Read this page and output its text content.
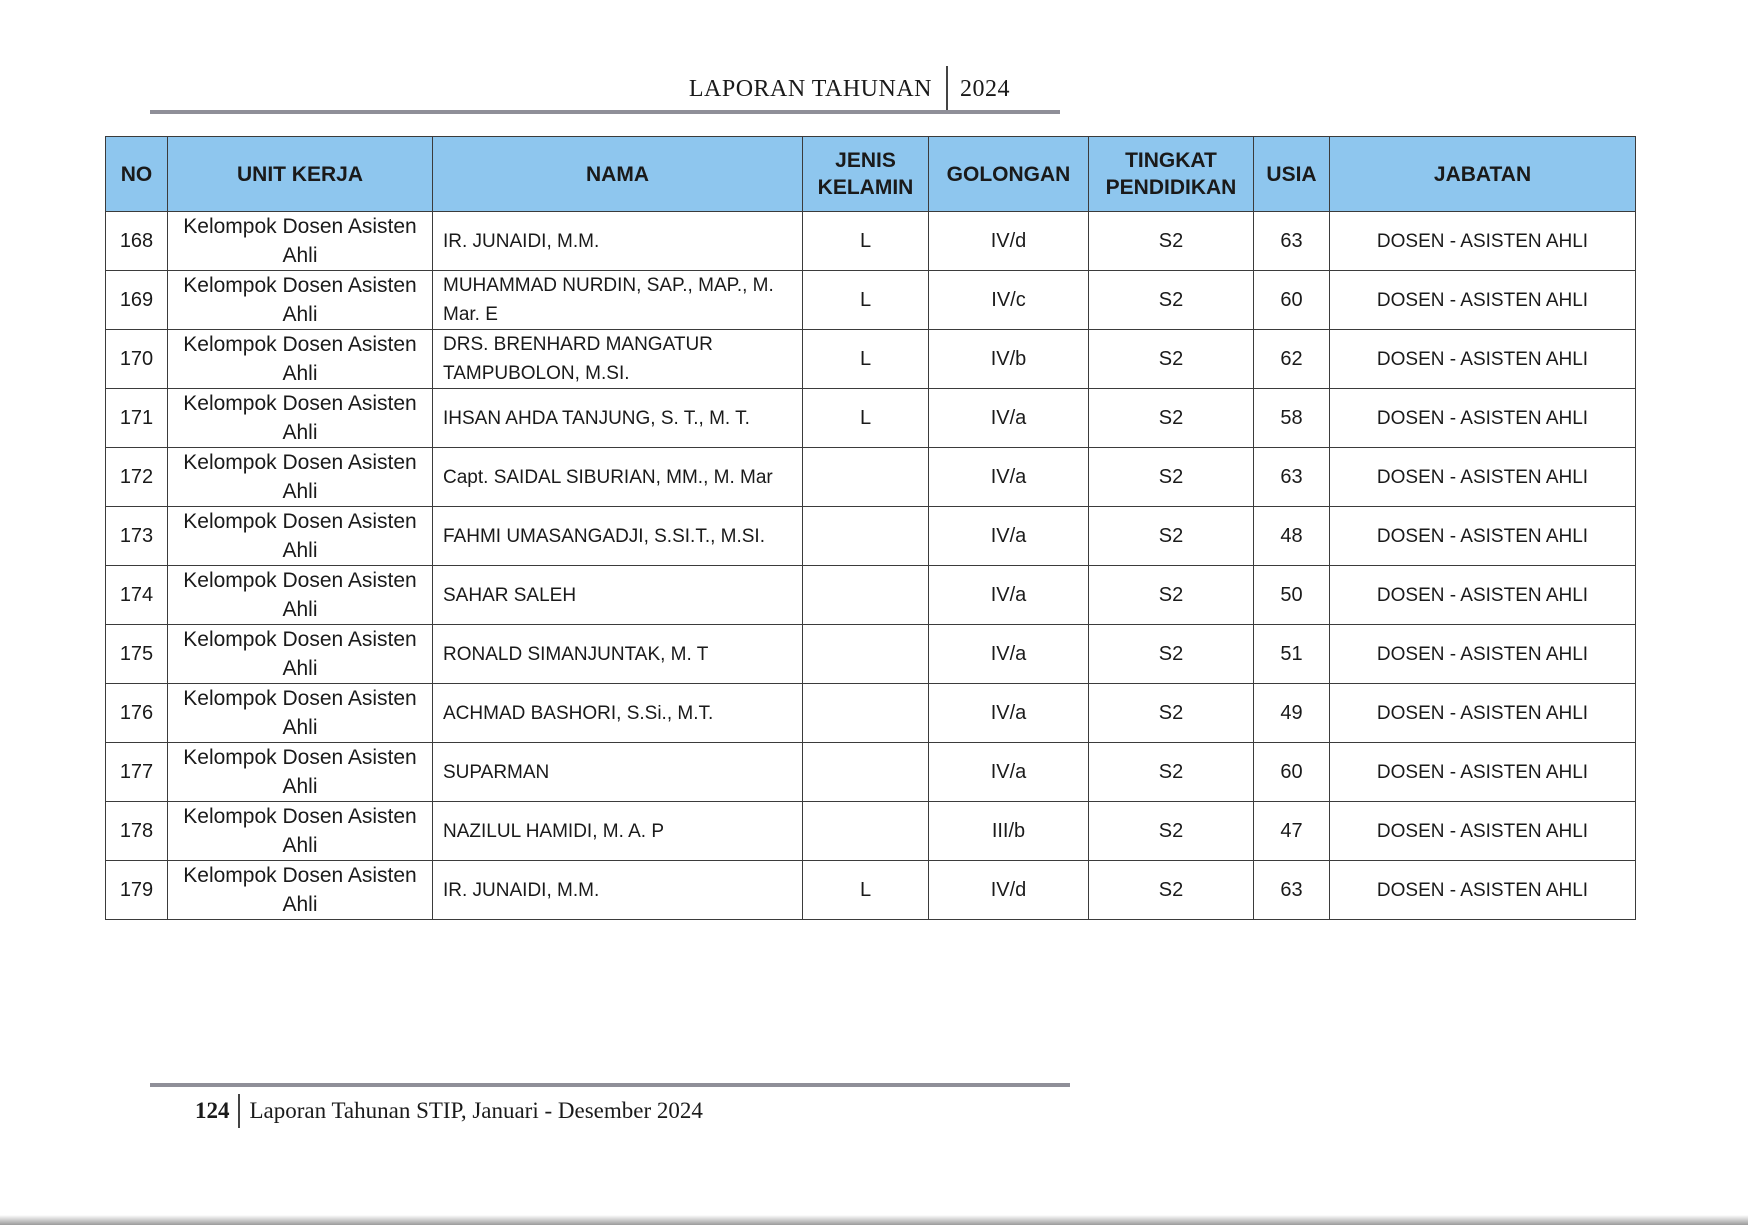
LAPORAN TAHUNAN	2024
NO	UNIT KERJA	NAMA	JENIS KELAMIN	GOLONGAN	TINGKAT PENDIDIKAN	USIA	JABATAN
168	Kelompok Dosen Asisten Ahli	IR. JUNAIDI, M.M.	L	IV/d	S2	63	DOSEN - ASISTEN AHLI
169	Kelompok Dosen Asisten Ahli	MUHAMMAD NURDIN, SAP., MAP., M. Mar. E	L	IV/c	S2	60	DOSEN - ASISTEN AHLI
170	Kelompok Dosen Asisten Ahli	DRS. BRENHARD MANGATUR TAMPUBOLON, M.SI.	L	IV/b	S2	62	DOSEN - ASISTEN AHLI
171	Kelompok Dosen Asisten Ahli	IHSAN AHDA TANJUNG, S. T., M. T.	L	IV/a	S2	58	DOSEN - ASISTEN AHLI
172	Kelompok Dosen Asisten Ahli	Capt. SAIDAL SIBURIAN, MM., M. Mar		IV/a	S2	63	DOSEN - ASISTEN AHLI
173	Kelompok Dosen Asisten Ahli	FAHMI UMASANGADJI, S.SI.T., M.SI.		IV/a	S2	48	DOSEN - ASISTEN AHLI
174	Kelompok Dosen Asisten Ahli	SAHAR SALEH		IV/a	S2	50	DOSEN - ASISTEN AHLI
175	Kelompok Dosen Asisten Ahli	RONALD SIMANJUNTAK, M. T		IV/a	S2	51	DOSEN - ASISTEN AHLI
176	Kelompok Dosen Asisten Ahli	ACHMAD BASHORI, S.Si., M.T.		IV/a	S2	49	DOSEN - ASISTEN AHLI
177	Kelompok Dosen Asisten Ahli	SUPARMAN		IV/a	S2	60	DOSEN - ASISTEN AHLI
178	Kelompok Dosen Asisten Ahli	NAZILUL HAMIDI, M. A. P		III/b	S2	47	DOSEN - ASISTEN AHLI
179	Kelompok Dosen Asisten Ahli	IR. JUNAIDI, M.M.	L	IV/d	S2	63	DOSEN - ASISTEN AHLI
124 Laporan Tahunan STIP, Januari - Desember 2024
